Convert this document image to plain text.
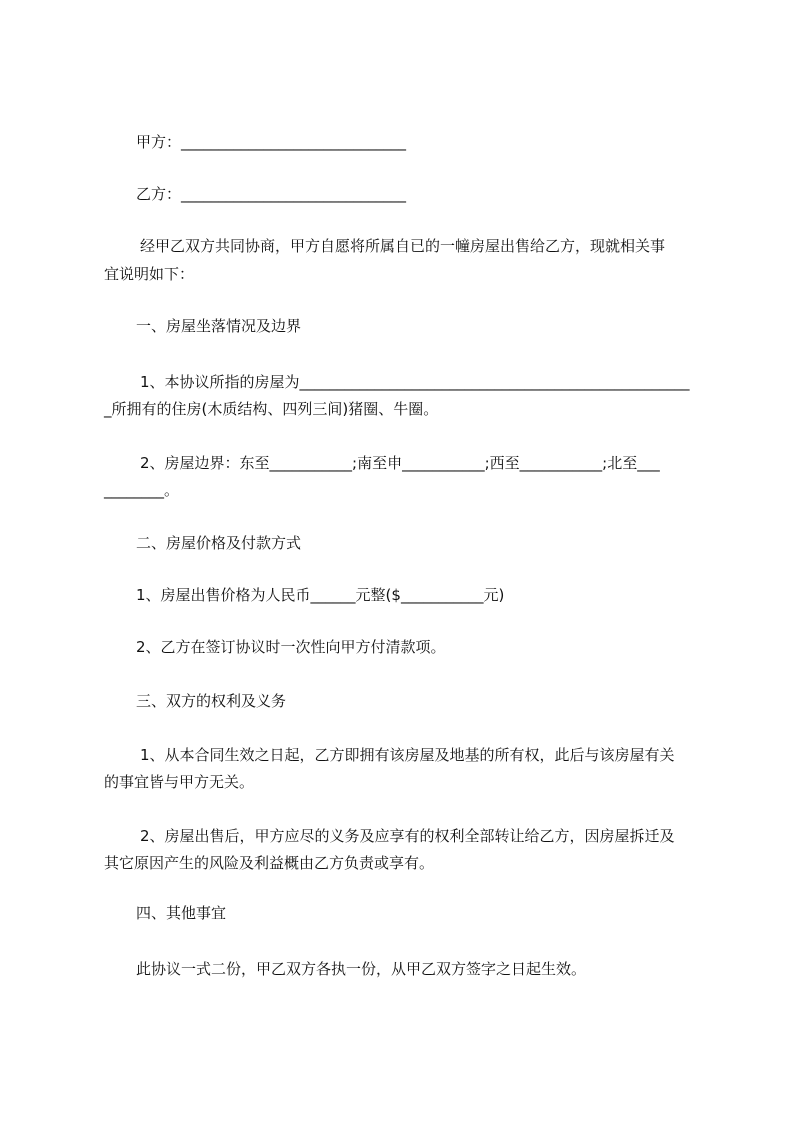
甲方：______________________________

乙方：______________________________

经甲乙双方共同协商，甲方自愿将所属自已的一幢房屋出售给乙方，现就相关事

宜说明如下：

一、房屋坐落情况及边界

1、本协议所指的房屋为____________________________________________________

_所拥有的住房(木质结构、四列三间)猪圈、牛圈。

2、房屋边界：东至___________;南至申___________;西至___________;北至___

________。

二、房屋价格及付款方式

1、房屋出售价格为人民币______元整($___________元)

2、乙方在签订协议时一次性向甲方付清款项。

三、双方的权利及义务

1、从本合同生效之日起，乙方即拥有该房屋及地基的所有权，此后与该房屋有关

的事宜皆与甲方无关。

2、房屋出售后，甲方应尽的义务及应享有的权利全部转让给乙方，因房屋拆迁及

其它原因产生的风险及利益概由乙方负责或享有。

四、其他事宜

此协议一式二份，甲乙双方各执一份，从甲乙双方签字之日起生效。
